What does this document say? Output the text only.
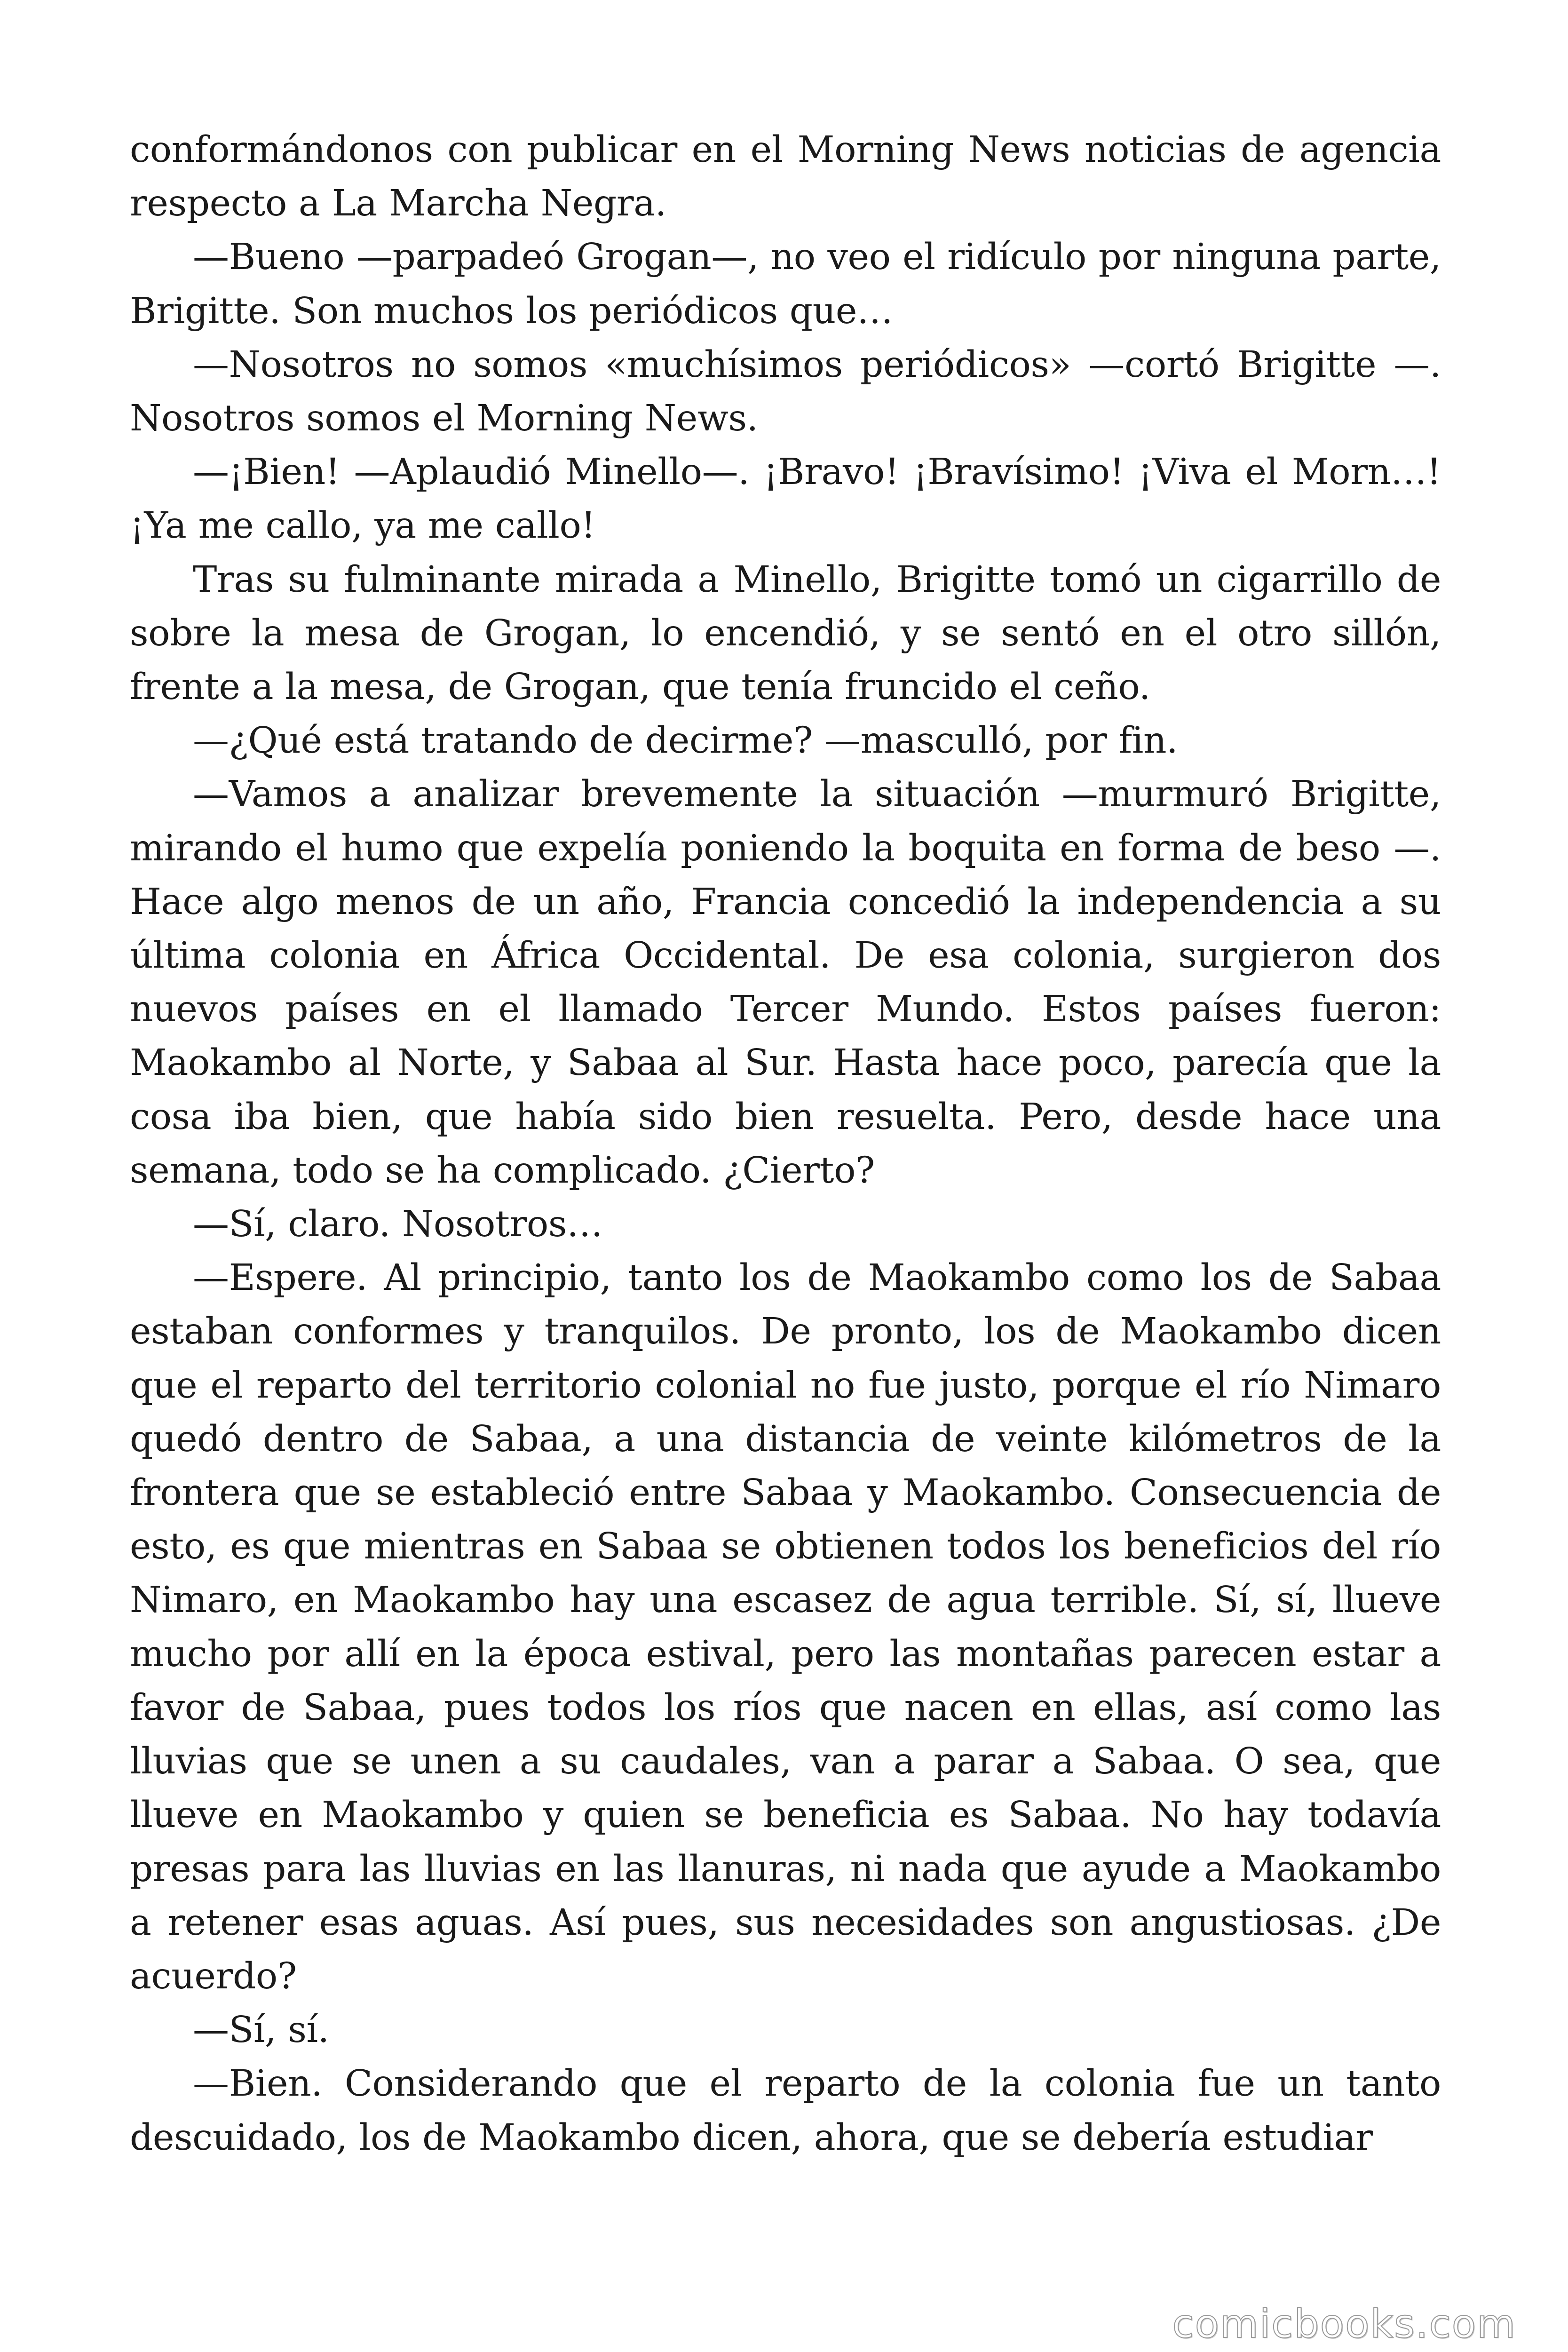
conformándonos con publicar en el Morning News noticias de agencia respecto a La Marcha Negra.

—Bueno —parpadeó Grogan—, no veo el ridículo por ninguna parte, Brigitte. Son muchos los periódicos que…

—Nosotros no somos «muchísimos periódicos» —cortó Brigitte —. Nosotros somos el Morning News.

—¡Bien! —Aplaudió Minello—. ¡Bravo! ¡Bravísimo! ¡Viva el Morn…! ¡Ya me callo, ya me callo!

Tras su fulminante mirada a Minello, Brigitte tomó un cigarrillo de sobre la mesa de Grogan, lo encendió, y se sentó en el otro sillón, frente a la mesa, de Grogan, que tenía fruncido el ceño.

—¿Qué está tratando de decirme? —mascullό, por fin.

—Vamos a analizar brevemente la situación —murmuró Brigitte, mirando el humo que expelía poniendo la boquita en forma de beso —. Hace algo menos de un año, Francia concedió la independencia a su última colonia en África Occidental. De esa colonia, surgieron dos nuevos países en el llamado Tercer Mundo. Estos países fueron: Maokambo al Norte, y Sabaa al Sur. Hasta hace poco, parecía que la cosa iba bien, que había sido bien resuelta. Pero, desde hace una semana, todo se ha complicado. ¿Cierto?

—Sí, claro. Nosotros…

—Espere. Al principio, tanto los de Maokambo como los de Sabaa estaban conformes y tranquilos. De pronto, los de Maokambo dicen que el reparto del territorio colonial no fue justo, porque el río Nimaro quedó dentro de Sabaa, a una distancia de veinte kilómetros de la frontera que se estableció entre Sabaa y Maokambo. Consecuencia de esto, es que mientras en Sabaa se obtienen todos los beneficios del río Nimaro, en Maokambo hay una escasez de agua terrible. Sí, sí, llueve mucho por allí en la época estival, pero las montañas parecen estar a favor de Sabaa, pues todos los ríos que nacen en ellas, así como las lluvias que se unen a su caudales, van a parar a Sabaa. O sea, que llueve en Maokambo y quien se beneficia es Sabaa. No hay todavía presas para las lluvias en las llanuras, ni nada que ayude a Maokambo a retener esas aguas. Así pues, sus necesidades son angustiosas. ¿De acuerdo?

—Sí, sí.

—Bien. Considerando que el reparto de la colonia fue un tanto descuidado, los de Maokambo dicen, ahora, que se debería estudiar

comicbooks.com
